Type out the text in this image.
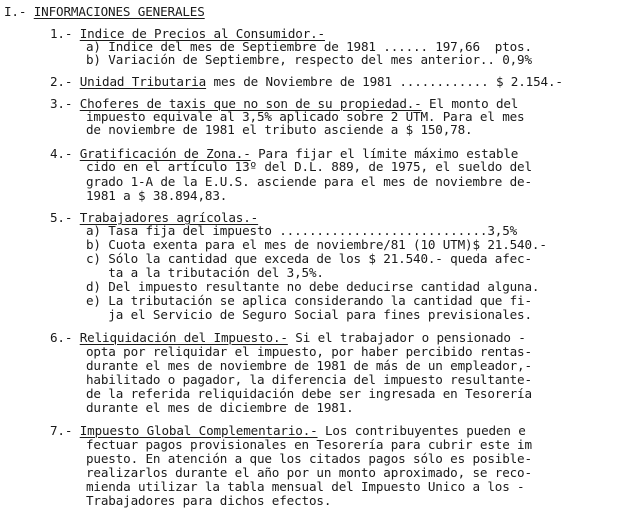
I.- INFORMACIONES GENERALES
1.- Indice de Precios al Consumidor.-
a) Indice del mes de Septiembre de 1981 ...... 197,66  ptos.
b) Variación de Septiembre, respecto del mes anterior.. 0,9%
2.- Unidad Tributaria mes de Noviembre de 1981 ............ $ 2.154.-
3.- Choferes de taxis que no son de su propiedad.- El monto del
impuesto equivale al 3,5% aplicado sobre 2 UTM. Para el mes
de noviembre de 1981 el tributo asciende a $ 150,78.
4.- Gratificación de Zona.- Para fijar el límite máximo estable
cido en el artículo 13º del D.L. 889, de 1975, el sueldo del
grado 1-A de la E.U.S. asciende para el mes de noviembre de-
1981 a $ 38.894,83.
5.- Trabajadores agrícolas.-
a) Tasa fija del impuesto ............................3,5%
b) Cuota exenta para el mes de noviembre/81 (10 UTM)$ 21.540.-
c) Sólo la cantidad que exceda de los $ 21.540.- queda afec-
ta a la tributación del 3,5%.
d) Del impuesto resultante no debe deducirse cantidad alguna.
e) La tributación se aplica considerando la cantidad que fi-
ja el Servicio de Seguro Social para fines previsionales.
6.- Reliquidación del Impuesto.- Si el trabajador o pensionado -
opta por reliquidar el impuesto, por haber percibido rentas-
durante el mes de noviembre de 1981 de más de un empleador,-
habilitado o pagador, la diferencia del impuesto resultante-
de la referida reliquidación debe ser ingresada en Tesorería
durante el mes de diciembre de 1981.
7.- Impuesto Global Complementario.- Los contribuyentes pueden e
fectuar pagos provisionales en Tesorería para cubrir este im
puesto. En atención a que los citados pagos sólo es posible-
realizarlos durante el año por un monto aproximado, se reco-
mienda utilizar la tabla mensual del Impuesto Unico a los -
Trabajadores para dichos efectos.
